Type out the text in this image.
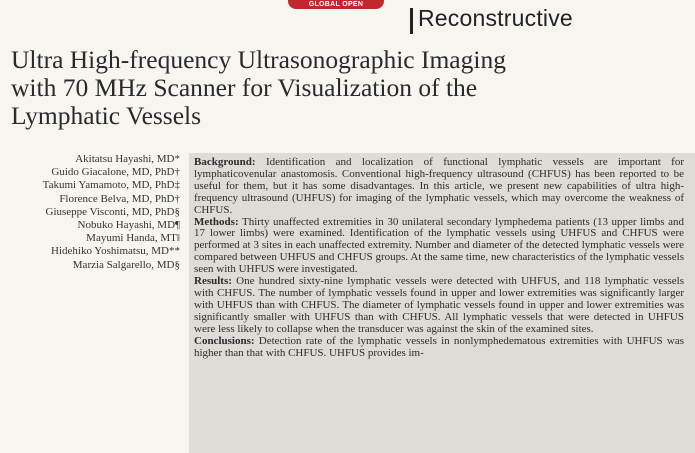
GLOBAL OPEN
Reconstructive
Ultra High-frequency Ultrasonographic Imaging
with 70 MHz Scanner for Visualization of the
Lymphatic Vessels
Akitatsu Hayashi, MD*
Guido Giacalone, MD, PhD†
Takumi Yamamoto, MD, PhD‡
Florence Belva, MD, PhD†
Giuseppe Visconti, MD, PhD§
Nobuko Hayashi, MD¶
Mayumi Handa, MT‖
Hidehiko Yoshimatsu, MD**
Marzia Salgarello, MD§

Background: Identification and localization of functional lymphatic vessels are important for lymphaticovenular anastomosis. Conventional high-frequency ultrasound (CHFUS) has been reported to be useful for them, but it has some disadvantages. In this article, we present new capabilities of ultra high-frequency ultrasound (UHFUS) for imaging of the lymphatic vessels, which may overcome the weakness of CHFUS.

Methods: Thirty unaffected extremities in 30 unilateral secondary lymphedema patients (13 upper limbs and 17 lower limbs) were examined. Identification of the lymphatic vessels using UHFUS and CHFUS were performed at 3 sites in each unaffected extremity. Number and diameter of the detected lymphatic vessels were compared between UHFUS and CHFUS groups. At the same time, new characteristics of the lymphatic vessels seen with UHFUS were investigated.

Results: One hundred sixty-nine lymphatic vessels were detected with UHFUS, and 118 lymphatic vessels with CHFUS. The number of lymphatic vessels found in upper and lower extremities was significantly larger with UHFUS than with CHFUS. The diameter of lymphatic vessels found in upper and lower extremities was significantly smaller with UHFUS than with CHFUS. All lymphatic vessels that were detected in UHFUS were less likely to collapse when the transducer was against the skin of the examined sites.

Conclusions: Detection rate of the lymphatic vessels in nonlymphedematous extremities with UHFUS was higher than that with CHFUS. UHFUS provides im-
